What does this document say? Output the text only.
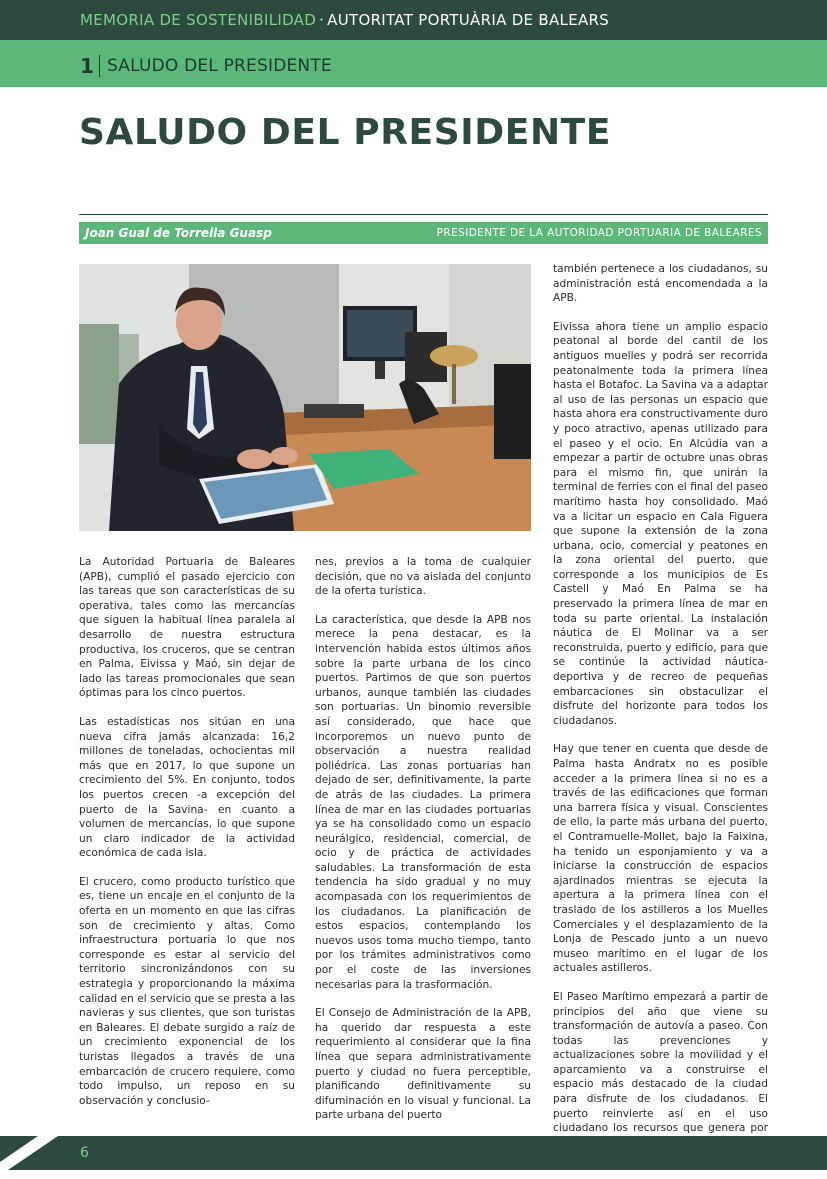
MEMORIA DE SOSTENIBILIDAD · AUTORITAT PORTUÀRIA DE BALEARS
1 SALUDO DEL PRESIDENTE
SALUDO DEL PRESIDENTE
Joan Gual de Torrella Guasp	PRESIDENTE DE LA AUTORIDAD PORTUARIA DE BALEARES

La Autoridad Portuaria de Baleares (APB), cumplió el pasado ejercicio con las tareas que son características de su operativa, tales como las mercancías que siguen la habitual línea paralela al desarrollo de nuestra estructura productiva, los cruceros, que se centran en Palma, Eivissa y Maó, sin dejar de lado las tareas promocionales que sean óptimas para los cinco puertos.

Las estadísticas nos sitúan en una nueva cifra jamás alcanzada: 16,2 millones de toneladas, ochocientas mil más que en 2017, lo que supone un crecimiento del 5%. En conjunto, todos los puertos crecen -a excepción del puerto de la Savina- en cuanto a volumen de mercancías, lo que supone un claro indicador de la actividad económica de cada isla.

El crucero, como producto turístico que es, tiene un encaje en el conjunto de la oferta en un momento en que las cifras son de crecimiento y altas. Como infraestructura portuaria lo que nos corresponde es estar al servicio del territorio sincronizándonos con su estrategia y proporcionando la máxima calidad en el servicio que se presta a las navieras y sus clientes, que son turistas en Baleares. El debate surgido a raíz de un crecimiento exponencial de los turistas llegados a través de una embarcación de crucero requiere, como todo impulso, un reposo en su observación y conclusio-

nes, previos a la toma de cualquier decisión, que no va aislada del conjunto de la oferta turística.

La característica, que desde la APB nos merece la pena destacar, es la intervención habida estos últimos años sobre la parte urbana de los cinco puertos. Partimos de que son puertos urbanos, aunque también las ciudades son portuarias. Un binomio reversible así considerado, que hace que incorporemos un nuevo punto de observación a nuestra realidad poliédrica. Las zonas portuarias han dejado de ser, definitivamente, la parte de atrás de las ciudades. La primera línea de mar en las ciudades portuarias ya se ha consolidado como un espacio neurálgico, residencial, comercial, de ocio y de práctica de actividades saludables. La transformación de esta tendencia ha sido gradual y no muy acompasada con los requerimientos de los ciudadanos. La planificación de estos espacios, contemplando los nuevos usos toma mucho tiempo, tanto por los trámites administrativos como por el coste de las inversiones necesarias para la trasformación.

El Consejo de Administración de la APB, ha querido dar respuesta a este requerimiento al considerar que la fina línea que separa administrativamente puerto y ciudad no fuera perceptible, planificando definitivamente su difuminación en lo visual y funcional. La parte urbana del puerto

también pertenece a los ciudadanos, su administración está encomendada a la APB.

Eivissa ahora tiene un amplio espacio peatonal al borde del cantil de los antiguos muelles y podrá ser recorrida peatonalmente toda la primera línea hasta el Botafoc. La Savina va a adaptar al uso de las personas un espacio que hasta ahora era constructivamente duro y poco atractivo, apenas utilizado para el paseo y el ocio. En Alcúdia van a empezar a partir de octubre unas obras para el mismo fin, que unirán la terminal de ferries con el final del paseo marítimo hasta hoy consolidado. Maó va a licitar un espacio en Cala Figuera que supone la extensión de la zona urbana, ocio, comercial y peatones en la zona oriental del puerto, que corresponde a los municipios de Es Castell y Maó En Palma se ha preservado la primera línea de mar en toda su parte oriental. La instalación náutica de El Molinar va a ser reconstruida, puerto y edificio, para que se continúe la actividad náutica-deportiva y de recreo de pequeñas embarcaciones sin obstaculizar el disfrute del horizonte para todos los ciudadanos.

Hay que tener en cuenta que desde de Palma hasta Andratx no es posible acceder a la primera línea si no es a través de las edificaciones que forman una barrera física y visual. Conscientes de ello, la parte más urbana del puerto, el Contramuelle-Mollet, bajo la Faixina, ha tenido un esponjamiento y va a iniciarse la construcción de espacios ajardinados mientras se ejecuta la apertura a la primera línea con el traslado de los astilleros a los Muelles Comerciales y el desplazamiento de la Lonja de Pescado junto a un nuevo museo marítimo en el lugar de los actuales astilleros.

El Paseo Marítimo empezará a partir de principios del año que viene su transformación de autovía a paseo. Con todas las prevenciones y actualizaciones sobre la movilidad y el aparcamiento va a construirse el espacio más destacado de la ciudad para disfrute de los ciudadanos. El puerto reinvierte así en el uso ciudadano los recursos que genera por

6
